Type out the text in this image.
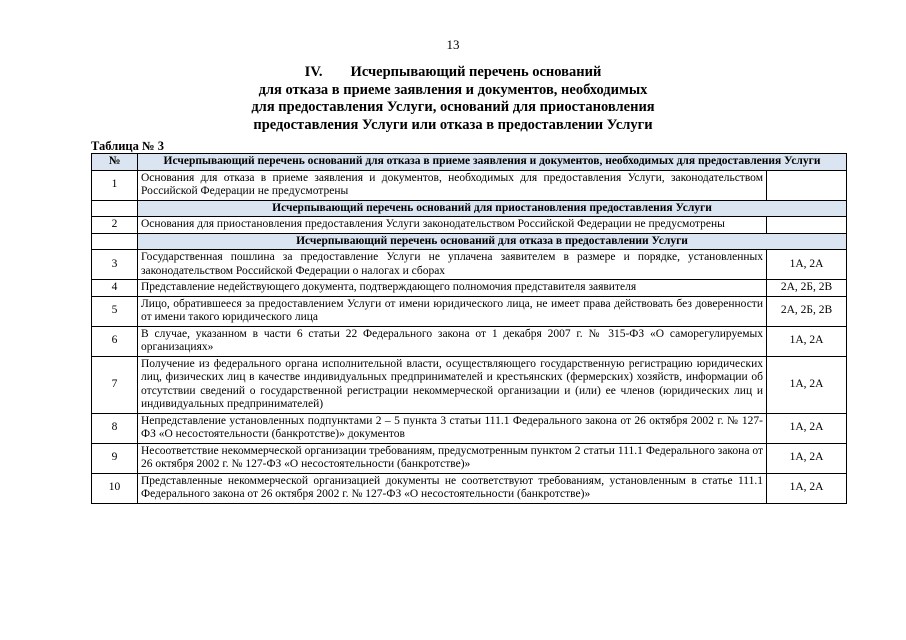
13
IV. Исчерпывающий перечень оснований
для отказа в приеме заявления и документов, необходимых
для предоставления Услуги, оснований для приостановления
предоставления Услуги или отказа в предоставлении Услуги
Таблица № 3
№	Исчерпывающий перечень оснований для отказа в приеме заявления и документов, необходимых для предоставления Услуги	
1	Основания для отказа в приеме заявления и документов, необходимых для предоставления Услуги, законодательством Российской Федерации не предусмотрены	
	Исчерпывающий перечень оснований для приостановления предоставления Услуги	
2	Основания для приостановления предоставления Услуги законодательством Российской Федерации не предусмотрены	
	Исчерпывающий перечень оснований для отказа в предоставлении Услуги	
3	Государственная пошлина за предоставление Услуги не уплачена заявителем в размере и порядке, установленных законодательством Российской Федерации о налогах и сборах	1А, 2А
4	Представление недействующего документа, подтверждающего полномочия представителя заявителя	2А, 2Б, 2В
5	Лицо, обратившееся за предоставлением Услуги от имени юридического лица, не имеет права действовать без доверенности от имени такого юридического лица	2А, 2Б, 2В
6	В случае, указанном в части 6 статьи 22 Федерального закона от 1 декабря 2007 г. № 315-ФЗ «О саморегулируемых организациях»	1А, 2А
7	Получение из федерального органа исполнительной власти, осуществляющего государственную регистрацию юридических лиц, физических лиц в качестве индивидуальных предпринимателей и крестьянских (фермерских) хозяйств, информации об отсутствии сведений о государственной регистрации некоммерческой организации и (или) ее членов (юридических лиц и индивидуальных предпринимателей)	1А, 2А
8	Непредставление установленных подпунктами 2 – 5 пункта 3 статьи 111.1 Федерального закона от 26 октября 2002 г. № 127-ФЗ «О несостоятельности (банкротстве)» документов	1А, 2А
9	Несоответствие некоммерческой организации требованиям, предусмотренным пунктом 2 статьи 111.1 Федерального закона от 26 октября 2002 г. № 127-ФЗ «О несостоятельности (банкротстве)»	1А, 2А
10	Представленные некоммерческой организацией документы не соответствуют требованиям, установленным в статье 111.1 Федерального закона от 26 октября 2002 г. № 127-ФЗ «О несостоятельности (банкротстве)»	1А, 2А
